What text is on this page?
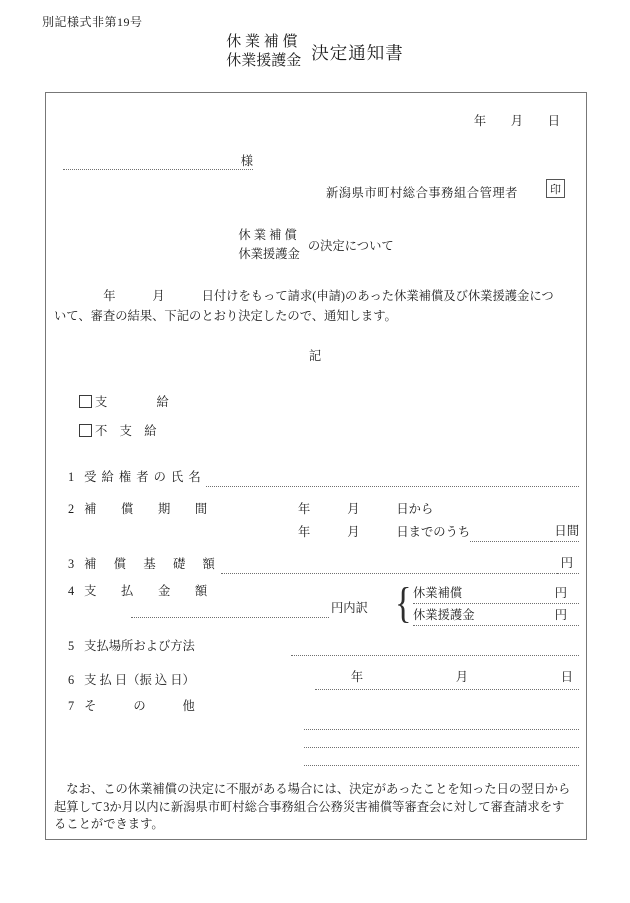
別記様式非第19号
休 業 補 償
休業援護金 決定通知書
年　　月　　日
様
新潟県市町村総合事務組合管理者	印
休 業 補 償
休業援護金
の決定について
　　　　年　　　月　　　日付けをもって請求(申請)のあった休業補償及び休業援護金について、審査の結果、下記のとおり決定したので、通知します。
記
支　　　　給
不　支　給
1 受 給 権 者 の 氏 名
2 補　　償　　期　　間	年　　　月　　　日から
年　　　月　　　日までのうち	日間
3 補　償　基　礎　額	円
4 支　　払　　金　　額
円内訳 { 休業補償	円
休業援護金	円
5 支払場所および方法
6 支 払 日（振 込 日）	年	月	日
7 そ　　　の　　　他
　なお、この休業補償の決定に不服がある場合には、決定があったことを知った日の翌日から起算して3か月以内に新潟県市町村総合事務組合公務災害補償等審査会に対して審査請求をすることができます。
